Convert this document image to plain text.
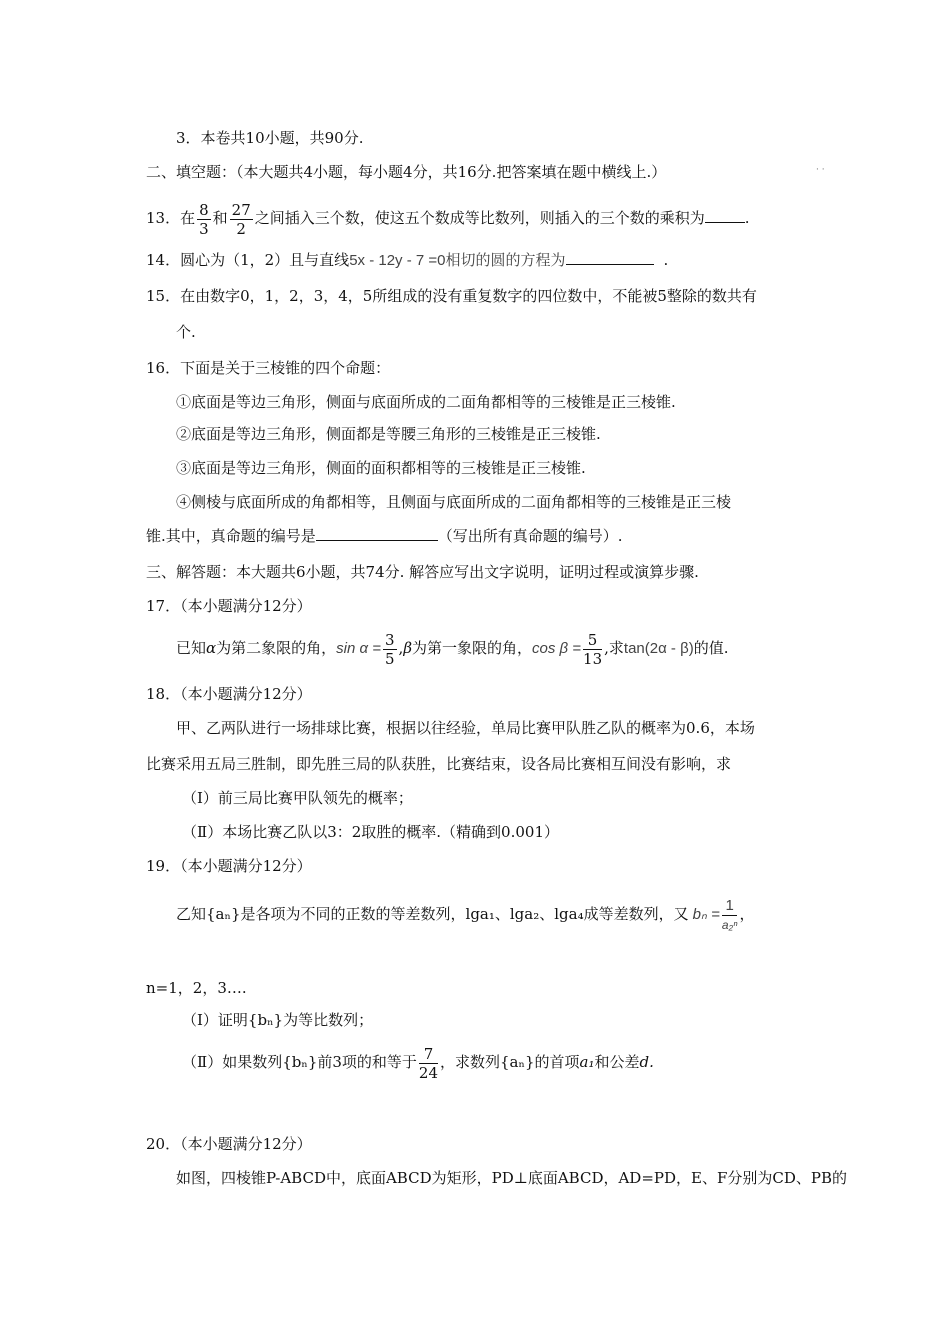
3．本卷共10小题，共90分.
二、填空题：（本大题共4小题，每小题4分，共16分.把答案填在题中横线上.）	· ·
13．在 $\frac{8}{3}$ 和 $\frac{27}{2}$ 之间插入三个数，使这五个数成等比数列，则插入的三个数的乘积为	.
14．圆心为（1，2）且与直线5x - 12y - 7 =0相切的圆的方程为	.
15．在由数字0，1，2，3，4，5所组成的没有重复数字的四位数中，不能被5整除的数共有
个.
16．下面是关于三棱锥的四个命题：
①底面是等边三角形，侧面与底面所成的二面角都相等的三棱锥是正三棱锥.
②底面是等边三角形，侧面都是等腰三角形的三棱锥是正三棱锥.
③底面是等边三角形，侧面的面积都相等的三棱锥是正三棱锥.
④侧棱与底面所成的角都相等，且侧面与底面所成的二面角都相等的三棱锥是正三棱
锥.其中，真命题的编号是	（写出所有真命题的编号）.
三、解答题：本大题共6小题，共74分. 解答应写出文字说明，证明过程或演算步骤.
17．（本小题满分12分）
已知α为第二象限的角，$\sin \alpha = \frac{3}{5} ,\beta$为第一象限的角，$\cos \beta = \frac{5}{13}$ ,求tan(2α - β)的值.
18．（本小题满分12分）
甲、乙两队进行一场排球比赛，根据以往经验，单局比赛甲队胜乙队的概率为0.6，本场
比赛采用五局三胜制，即先胜三局的队获胜，比赛结束，设各局比赛相互间没有影响，求
（Ⅰ）前三局比赛甲队领先的概率；
（Ⅱ）本场比赛乙队以3：2取胜的概率.（精确到0.001）
19．（本小题满分12分）
乙知{aₙ}是各项为不同的正数的等差数列，lga₁、lga₂、lga₄成等差数列，又 $b_n = \frac{1}{\text{a₂ⁿ}}$ ，
n=1，2，3….
（Ⅰ）证明{bₙ}为等比数列；
（Ⅱ）如果数列{bₙ}前3项的和等于 $\frac{7}{24}$ ，求数列{aₙ}的首项a₁和公差d.
20．（本小题满分12分）
如图，四棱锥P-ABCD中，底面ABCD为矩形，PD⊥底面ABCD，AD=PD，E、F分别为CD、PB的
